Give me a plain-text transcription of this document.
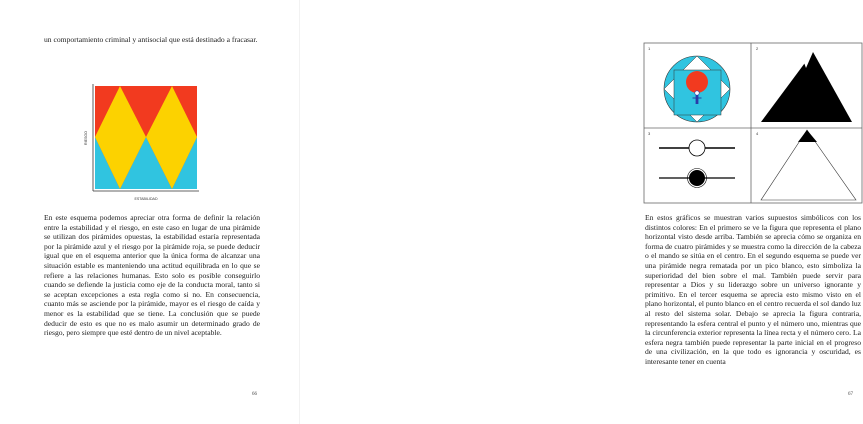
un comportamiento criminal y antisocial que está destinado a fracasar.

ESTABILIDAD
RIESGO

En este esquema podemos apreciar otra forma de definir la relación entre la estabilidad y el riesgo, en este caso en lugar de una pirámide se utilizan dos pirámides opuestas, la estabilidad estaría representada por la pirámide azul y el riesgo por la pirámide roja, se puede deducir igual que en el esquema anterior que la única forma de alcanzar una situación estable es manteniendo una actitud equilibrada en lo que se refiere a las relaciones humanas. Esto solo es posible conseguirlo cuando se defiende la justicia como eje de la conducta moral, tanto si se aceptan excepciones a esta regla como si no. En consecuencia, cuanto más se asciende por la pirámide, mayor es el riesgo de caída y menor es la estabilidad que se tiene. La conclusión que se puede deducir de esto es que no es malo asumir un determinado grado de riesgo, pero siempre que esté dentro de un nivel aceptable.

66
1	2
3	4

En estos gráficos se muestran varios supuestos simbólicos con los distintos colores: En el primero se ve la figura que representa el plano horizontal visto desde arriba. También se aprecia cómo se organiza en forma de cuatro pirámides y se muestra como la dirección de la cabeza o el mando se sitúa en el centro. En el segundo esquema se puede ver una pirámide negra rematada por un pico blanco, esto simboliza la superioridad del bien sobre el mal. También puede servir para representar a Dios y su liderazgo sobre un universo ignorante y primitivo. En el tercer esquema se aprecia esto mismo visto en el plano horizontal, el punto blanco en el centro recuerda el sol dando luz al resto del sistema solar. Debajo se aprecia la figura contraria, representando la esfera central el punto y el número uno, mientras que la circunferencia exterior representa la línea recta y el número cero. La esfera negra también puede representar la parte inicial en el progreso de una civilización, en la que todo es ignorancia y oscuridad, es interesante tener en cuenta

67
